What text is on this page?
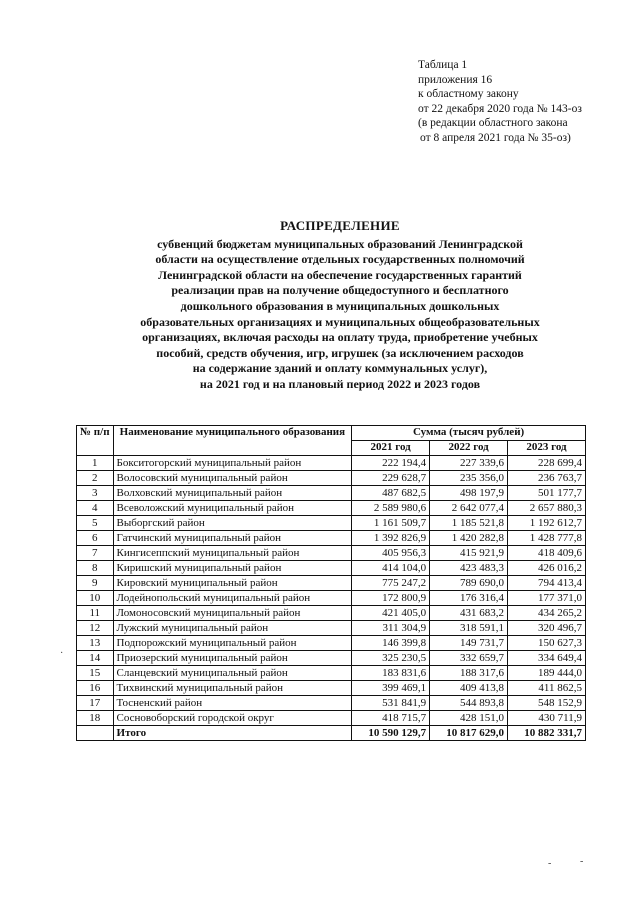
Таблица 1
приложения 16
к областному закону
от 22 декабря 2020 года № 143-оз
(в редакции областного закона
от 8 апреля 2021 года № 35-оз)
РАСПРЕДЕЛЕНИЕ
субвенций бюджетам муниципальных образований Ленинградской
области на осуществление отдельных государственных полномочий
Ленинградской области на обеспечение государственных гарантий
реализации прав на получение общедоступного и бесплатного
дошкольного образования в муниципальных дошкольных
образовательных организациях и муниципальных общеобразовательных
организациях, включая расходы на оплату труда, приобретение учебных
пособий, средств обучения, игр, игрушек (за исключением расходов
на содержание зданий и оплату коммунальных услуг),
на 2021 год и на плановый период 2022 и 2023 годов
№ п/п	Наименование муниципального образования	Сумма (тысяч рублей)		
		2021 год	2022 год	2023 год
1	Бокситогорский муниципальный район	222 194,4	227 339,6	228 699,4
2	Волосовский муниципальный район	229 628,7	235 356,0	236 763,7
3	Волховский муниципальный район	487 682,5	498 197,9	501 177,7
4	Всеволожский муниципальный район	2 589 980,6	2 642 077,4	2 657 880,3
5	Выборгский район	1 161 509,7	1 185 521,8	1 192 612,7
6	Гатчинский муниципальный район	1 392 826,9	1 420 282,8	1 428 777,8
7	Кингисеппский муниципальный район	405 956,3	415 921,9	418 409,6
8	Киришский муниципальный район	414 104,0	423 483,3	426 016,2
9	Кировский муниципальный район	775 247,2	789 690,0	794 413,4
10	Лодейнопольский муниципальный район	172 800,9	176 316,4	177 371,0
11	Ломоносовский муниципальный район	421 405,0	431 683,2	434 265,2
12	Лужский муниципальный район	311 304,9	318 591,1	320 496,7
13	Подпорожский муниципальный район	146 399,8	149 731,7	150 627,3
14	Приозерский муниципальный район	325 230,5	332 659,7	334 649,4
15	Сланцевский муниципальный район	183 831,6	188 317,6	189 444,0
16	Тихвинский муниципальный район	399 469,1	409 413,8	411 862,5
17	Тосненский район	531 841,9	544 893,8	548 152,9
18	Сосновоборский городской округ	418 715,7	428 151,0	430 711,9
	Итого	10 590 129,7	10 817 629,0	10 882 331,7
·
-	-
